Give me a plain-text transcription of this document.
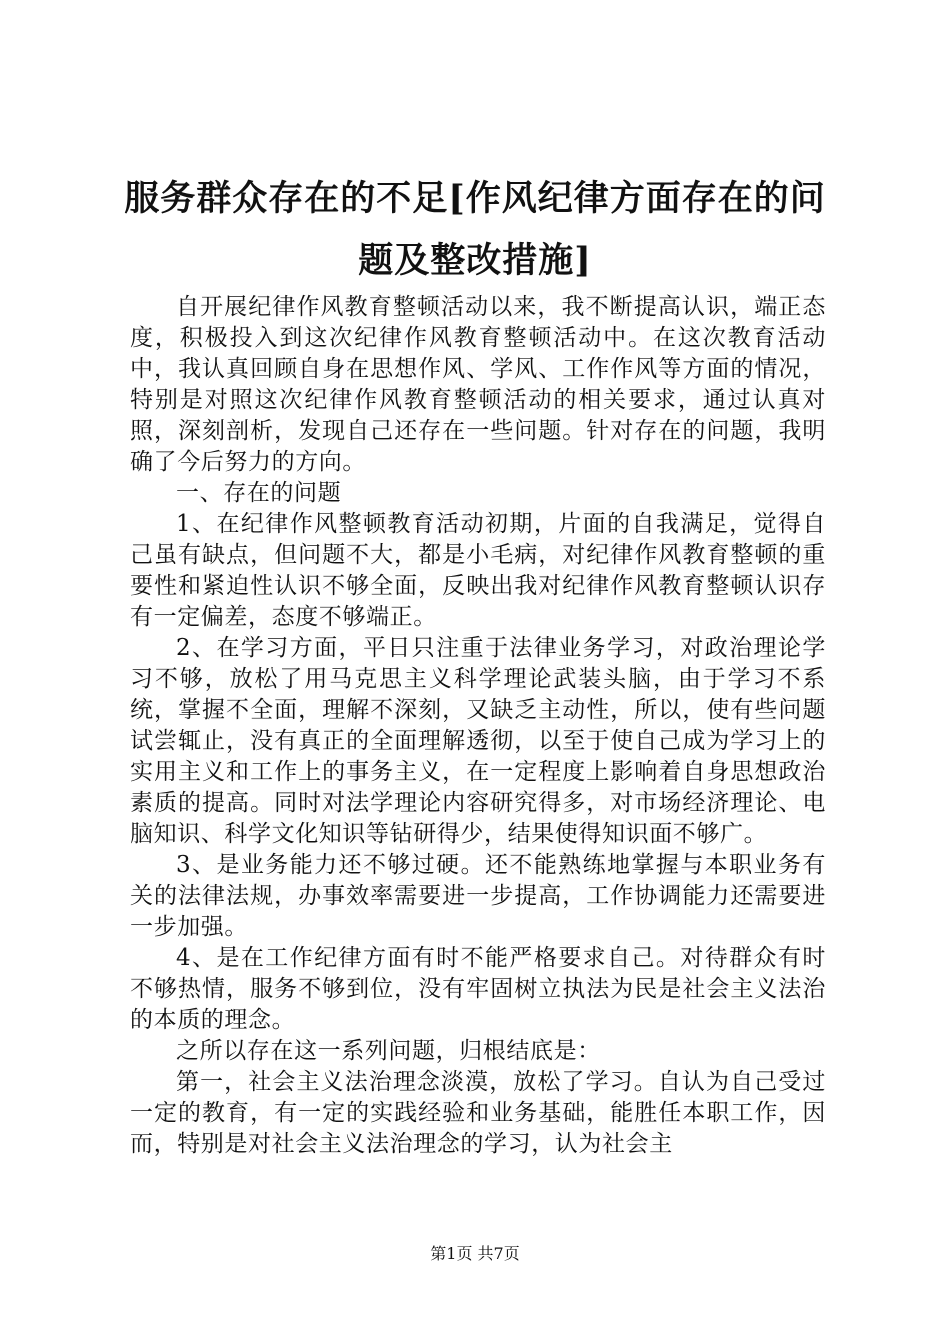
服务群众存在的不足[作风纪律方面存在的问
题及整改措施]

自开展纪律作风教育整顿活动以来，我不断提高认识，端正态度，积极投入到这次纪律作风教育整顿活动中。在这次教育活动中，我认真回顾自身在思想作风、学风、工作作风等方面的情况，特别是对照这次纪律作风教育整顿活动的相关要求，通过认真对照，深刻剖析，发现自己还存在一些问题。针对存在的问题，我明确了今后努力的方向。

一、存在的问题

1、在纪律作风整顿教育活动初期，片面的自我满足，觉得自己虽有缺点，但问题不大，都是小毛病，对纪律作风教育整顿的重要性和紧迫性认识不够全面，反映出我对纪律作风教育整顿认识存有一定偏差，态度不够端正。

2、在学习方面，平日只注重于法律业务学习，对政治理论学习不够，放松了用马克思主义科学理论武装头脑，由于学习不系统，掌握不全面，理解不深刻，又缺乏主动性，所以，使有些问题试尝辄止，没有真正的全面理解透彻，以至于使自己成为学习上的实用主义和工作上的事务主义，在一定程度上影响着自身思想政治素质的提高。同时对法学理论内容研究得多，对市场经济理论、电脑知识、科学文化知识等钻研得少，结果使得知识面不够广。

3、是业务能力还不够过硬。还不能熟练地掌握与本职业务有关的法律法规，办事效率需要进一步提高，工作协调能力还需要进一步加强。

4、是在工作纪律方面有时不能严格要求自己。对待群众有时不够热情，服务不够到位，没有牢固树立执法为民是社会主义法治的本质的理念。

之所以存在这一系列问题，归根结底是：

第一，社会主义法治理念淡漠，放松了学习。自认为自己受过一定的教育，有一定的实践经验和业务基础，能胜任本职工作，因而，特别是对社会主义法治理念的学习，认为社会主

第1页 共7页
